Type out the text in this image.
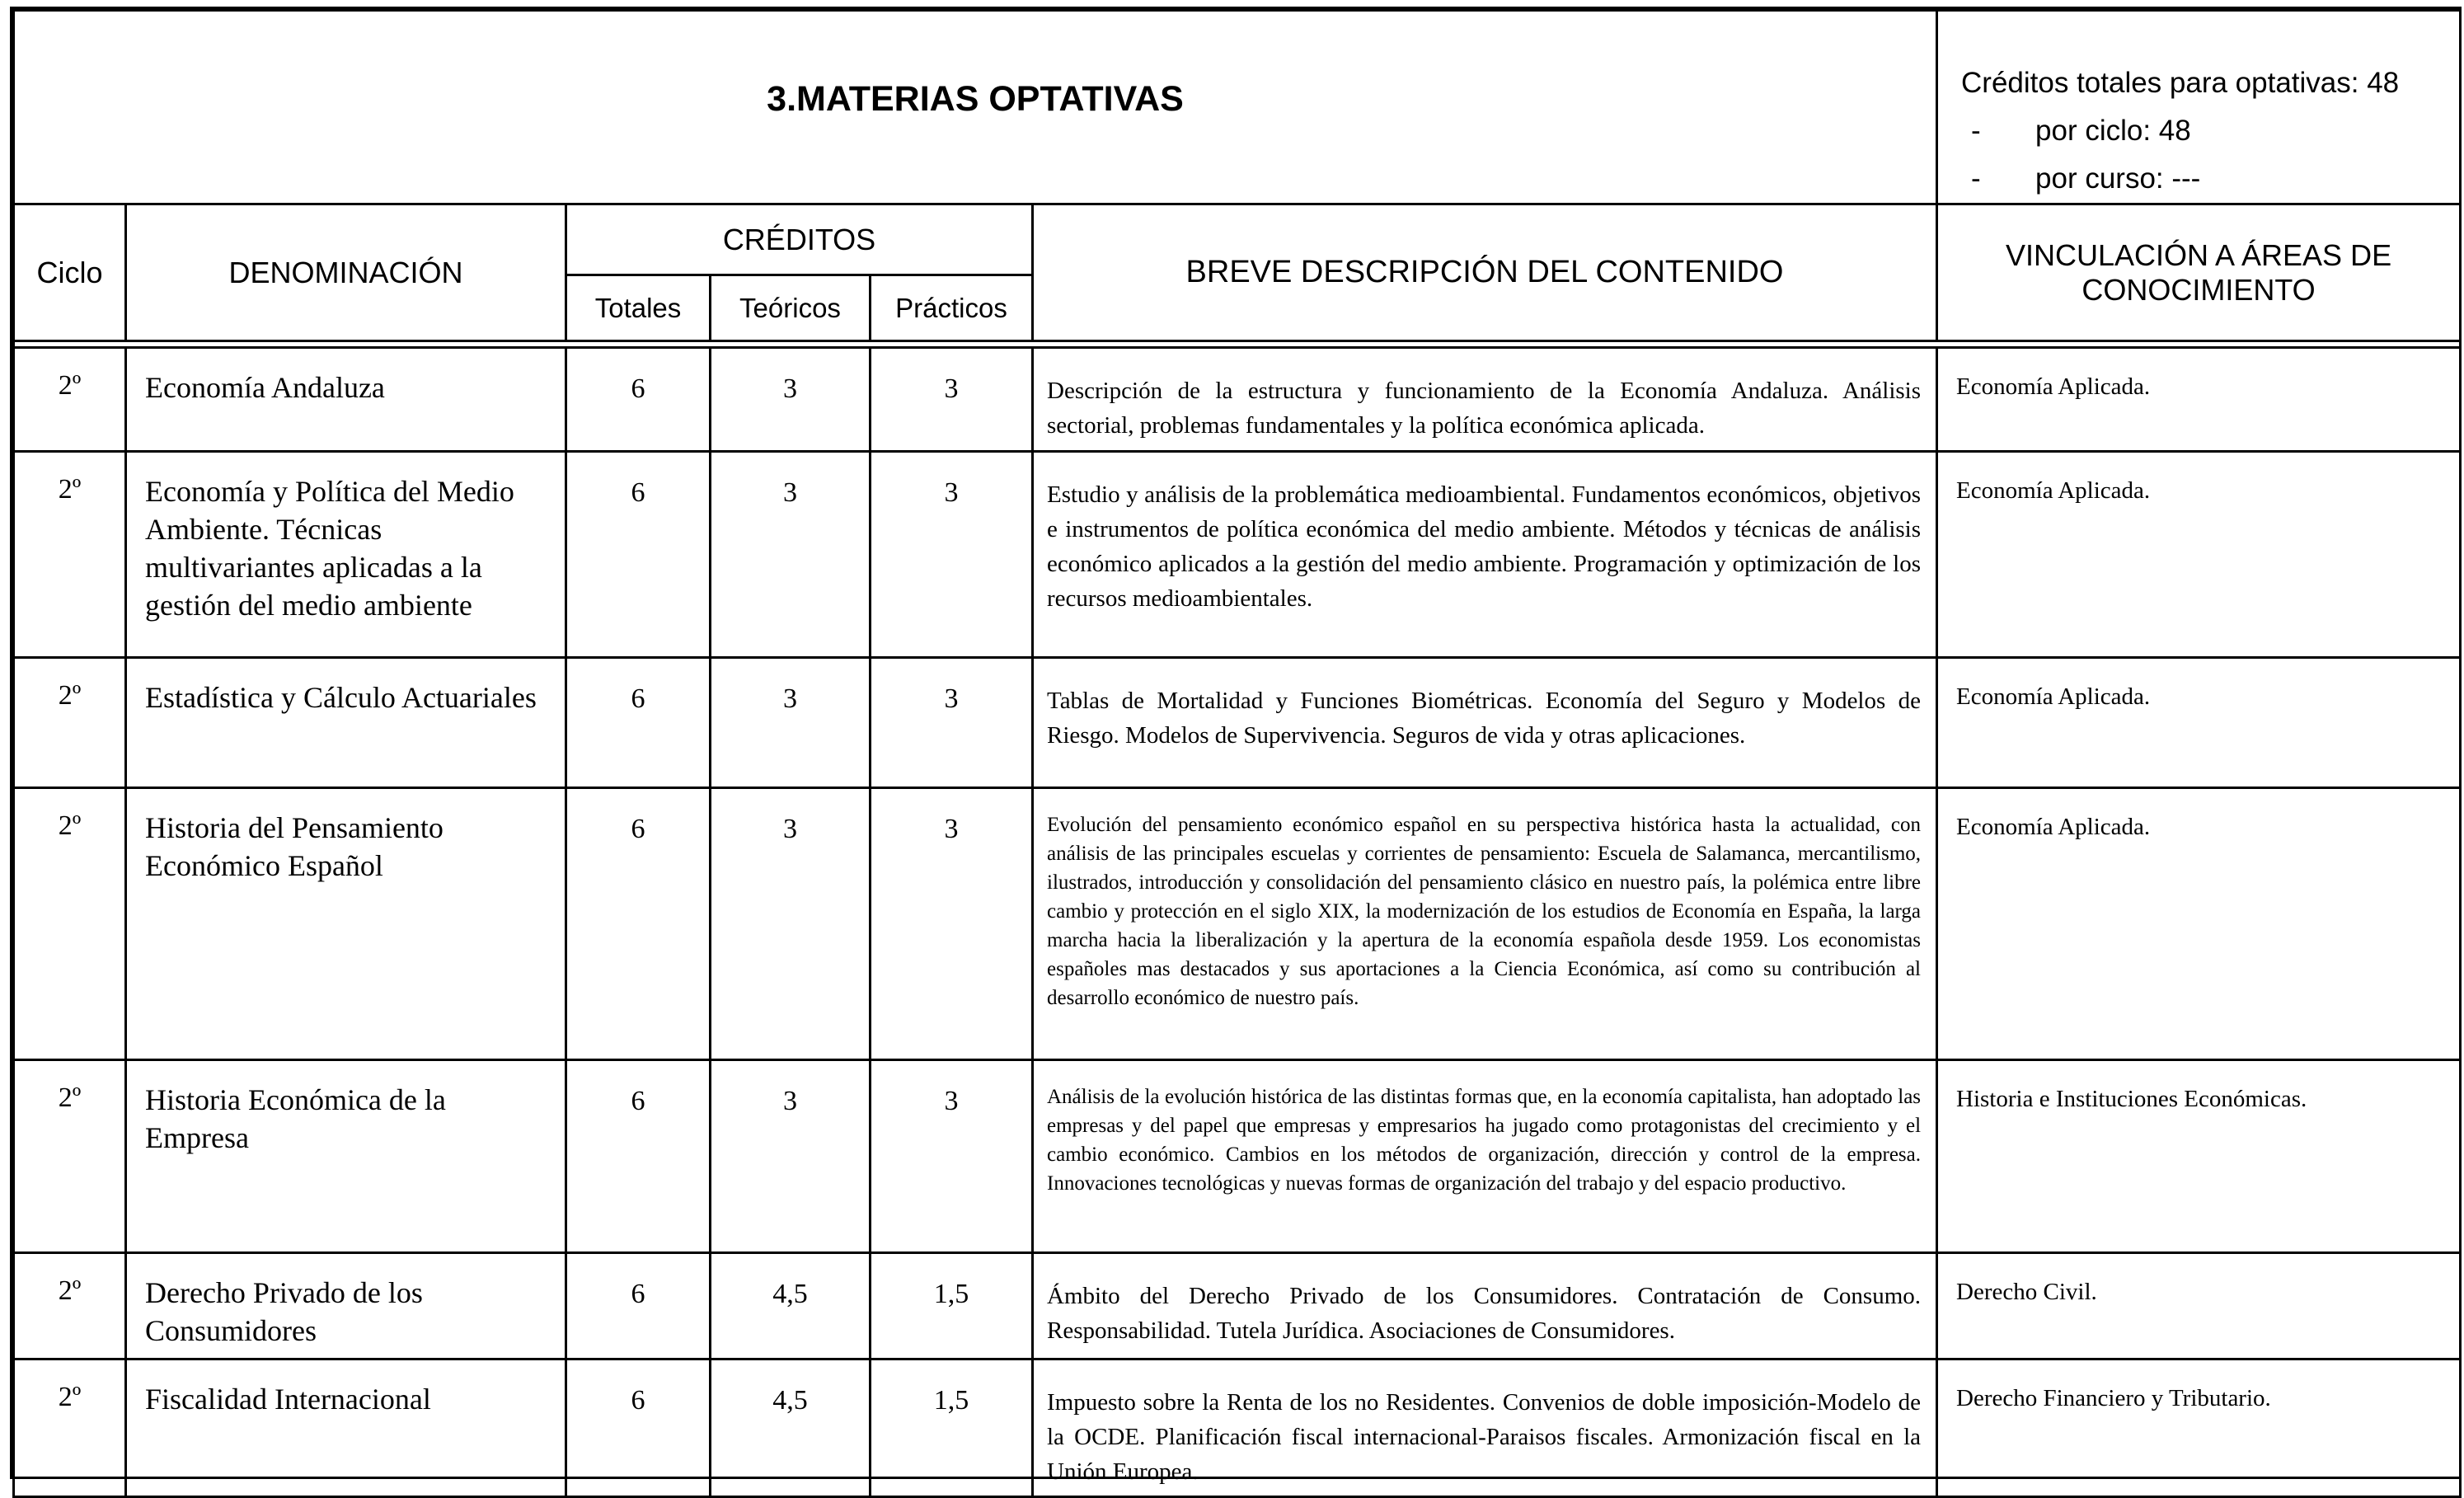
3.MATERIAS OPTATIVAS						Créditos totales para optativas: 48
- por ciclo: 48
- por curso: ---

Ciclo	DENOMINACIÓN	CRÉDITOS			BREVE DESCRIPCIÓN DEL CONTENIDO	VINCULACIÓN A ÁREAS DE
CONOCIMIENTO

		Totales	Teóricos	Prácticos		

2º	Economía Andaluza	6	3	3	Descripción de la estructura y funcionamiento de la Economía Andaluza. Análisis sectorial, problemas fundamentales y la política económica aplicada.	Economía Aplicada.
2º	Economía y Política del Medio Ambiente. Técnicas multivariantes aplicadas a la gestión del medio ambiente	6	3	3	Estudio y análisis de la problemática medioambiental. Fundamentos económicos, objetivos e instrumentos de política económica del medio ambiente. Métodos y técnicas de análisis económico aplicados a la gestión del medio ambiente. Programación y optimización de los recursos medioambientales.	Economía Aplicada.
2º	Estadística y Cálculo Actuariales	6	3	3	Tablas de Mortalidad y Funciones Biométricas. Economía del Seguro y Modelos de Riesgo. Modelos de Supervivencia. Seguros de vida y otras aplicaciones.	Economía Aplicada.
2º	Historia del Pensamiento Económico Español	6	3	3	Evolución del pensamiento económico español en su perspectiva histórica hasta la actualidad, con análisis de las principales escuelas y corrientes de pensamiento: Escuela de Salamanca, mercantilismo, ilustrados, introducción y consolidación del pensamiento clásico en nuestro país, la polémica entre libre cambio y protección en el siglo XIX, la modernización de los estudios de Economía en España, la larga marcha hacia la liberalización y la apertura de la economía española desde 1959. Los economistas españoles mas destacados y sus aportaciones a la Ciencia Económica, así como su contribución al desarrollo económico de nuestro país.	Economía Aplicada.
2º	Historia Económica de la Empresa	6	3	3	Análisis de la evolución histórica de las distintas formas que, en la economía capitalista, han adoptado las empresas y del papel que empresas y empresarios ha jugado como protagonistas del crecimiento y el cambio económico. Cambios en los métodos de organización, dirección y control de la empresa. Innovaciones tecnológicas y nuevas formas de organización del trabajo y del espacio productivo.	Historia e Instituciones Económicas.
2º	Derecho Privado de los Consumidores	6	4,5	1,5	Ámbito del Derecho Privado de los Consumidores. Contratación de Consumo. Responsabilidad. Tutela Jurídica. Asociaciones de Consumidores.	Derecho Civil.
2º	Fiscalidad Internacional	6	4,5	1,5	Impuesto sobre la Renta de los no Residentes. Convenios de doble imposición-Modelo de la OCDE. Planificación fiscal internacional-Paraisos fiscales. Armonización fiscal en la Unión Europea.	Derecho Financiero y Tributario.
